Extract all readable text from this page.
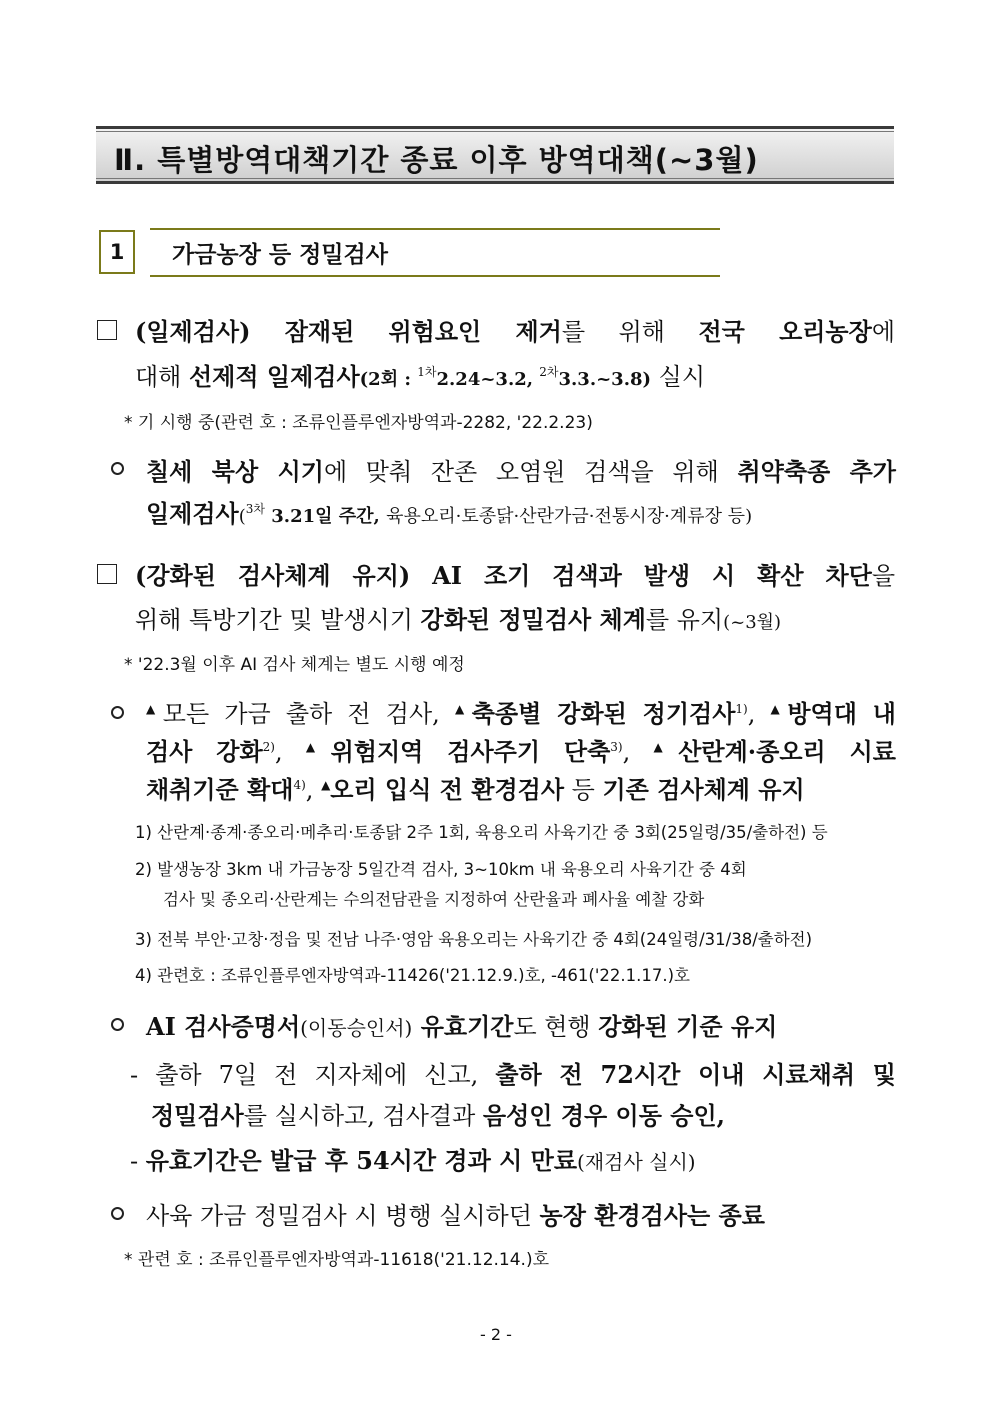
Ⅱ. 특별방역대책기간 종료 이후 방역대책(~3월)
1	가금농장 등 정밀검사
(일제검사) 잠재된 위험요인 제거를 위해 전국 오리농장에
대해 선제적 일제검사(2회 : $^{1차}$2.24~3.2, $^{2차}$3.3.~3.8) 실시
* 기 시행 중(관련 호 : 조류인플루엔자방역과-2282, '22.2.23)
칠세 북상 시기에 맞춰 잔존 오염원 검색을 위해 취약축종 추가
일제검사($^{3차}$ 3.21일 주간, 육용오리·토종닭·산란가금·전통시장·계류장 등)
(강화된 검사체계 유지) AI 조기 검색과 발생 시 확산 차단을
위해 특방기간 및 발생시기 강화된 정밀검사 체계를 유지(~3월)
* '22.3월 이후 AI 검사 체계는 별도 시행 예정
▲모든 가금 출하 전 검사, ▲축종별 강화된 정기검사$^{1)}$, ▲방역대 내
검사 강화$^{2)}$, ▲위험지역 검사주기 단축$^{3)}$, ▲산란계·종오리 시료
채취기준 확대$^{4)}$, ▲오리 입식 전 환경검사 등 기존 검사체계 유지
1) 산란계·종계·종오리·메추리·토종닭 2주 1회, 육용오리 사육기간 중 3회(25일령/35/출하전) 등
2) 발생농장 3km 내 가금농장 5일간격 검사, 3~10km 내 육용오리 사육기간 중 4회
검사 및 종오리·산란계는 수의전담관을 지정하여 산란율과 폐사율 예찰 강화
3) 전북 부안·고창·정읍 및 전남 나주·영암 육용오리는 사육기간 중 4회(24일령/31/38/출하전)
4) 관련호 : 조류인플루엔자방역과-11426('21.12.9.)호, -461('22.1.17.)호
AI 검사증명서(이동승인서) 유효기간도 현행 강화된 기준 유지
- 출하 7일 전 지자체에 신고, 출하 전 72시간 이내 시료채취 및
정밀검사를 실시하고, 검사결과 음성인 경우 이동 승인,
- 유효기간은 발급 후 54시간 경과 시 만료(재검사 실시)
사육 가금 정밀검사 시 병행 실시하던 농장 환경검사는 종료
* 관련 호 : 조류인플루엔자방역과-11618('21.12.14.)호
- 2 -
